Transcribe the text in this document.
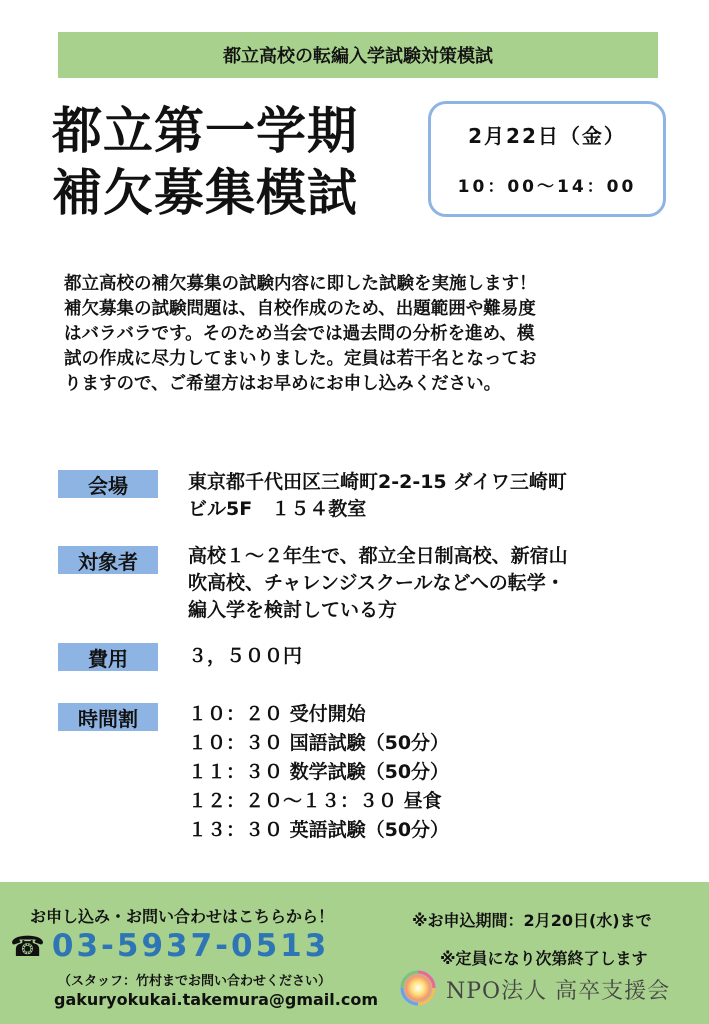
都立高校の転編入学試験対策模試
都立第一学期
補欠募集模試
2月22日（金）
10：00〜14：00
都立高校の補欠募集の試験内容に即した試験を実施します！
補欠募集の試験問題は、自校作成のため、出題範囲や難易度
はバラバラです。そのため当会では過去問の分析を進め、模
試の作成に尽力してまいりました。定員は若干名となってお
りますので、ご希望方はお早めにお申し込みください。
会場	東京都千代田区三崎町2-2-15 ダイワ三崎町
ビル5F　１５４教室
対象者	高校１〜２年生で、都立全日制高校、新宿山
吹高校、チャレンジスクールなどへの転学・
編入学を検討している方
費用	３，５００円
時間割	１０：２０ 受付開始
１０：３０ 国語試験（50分）
１１：３０ 数学試験（50分）
１２：２０〜１３：３０ 昼食
１３：３０ 英語試験（50分）
お申し込み・お問い合わせはこちらから！
☎ 03-5937-0513
（スタッフ：竹村までお問い合わせください）
gakuryokukai.takemura@gmail.com
※お申込期間：2月20日(水)まで
※定員になり次第終了します
NPO法人 高卒支援会
